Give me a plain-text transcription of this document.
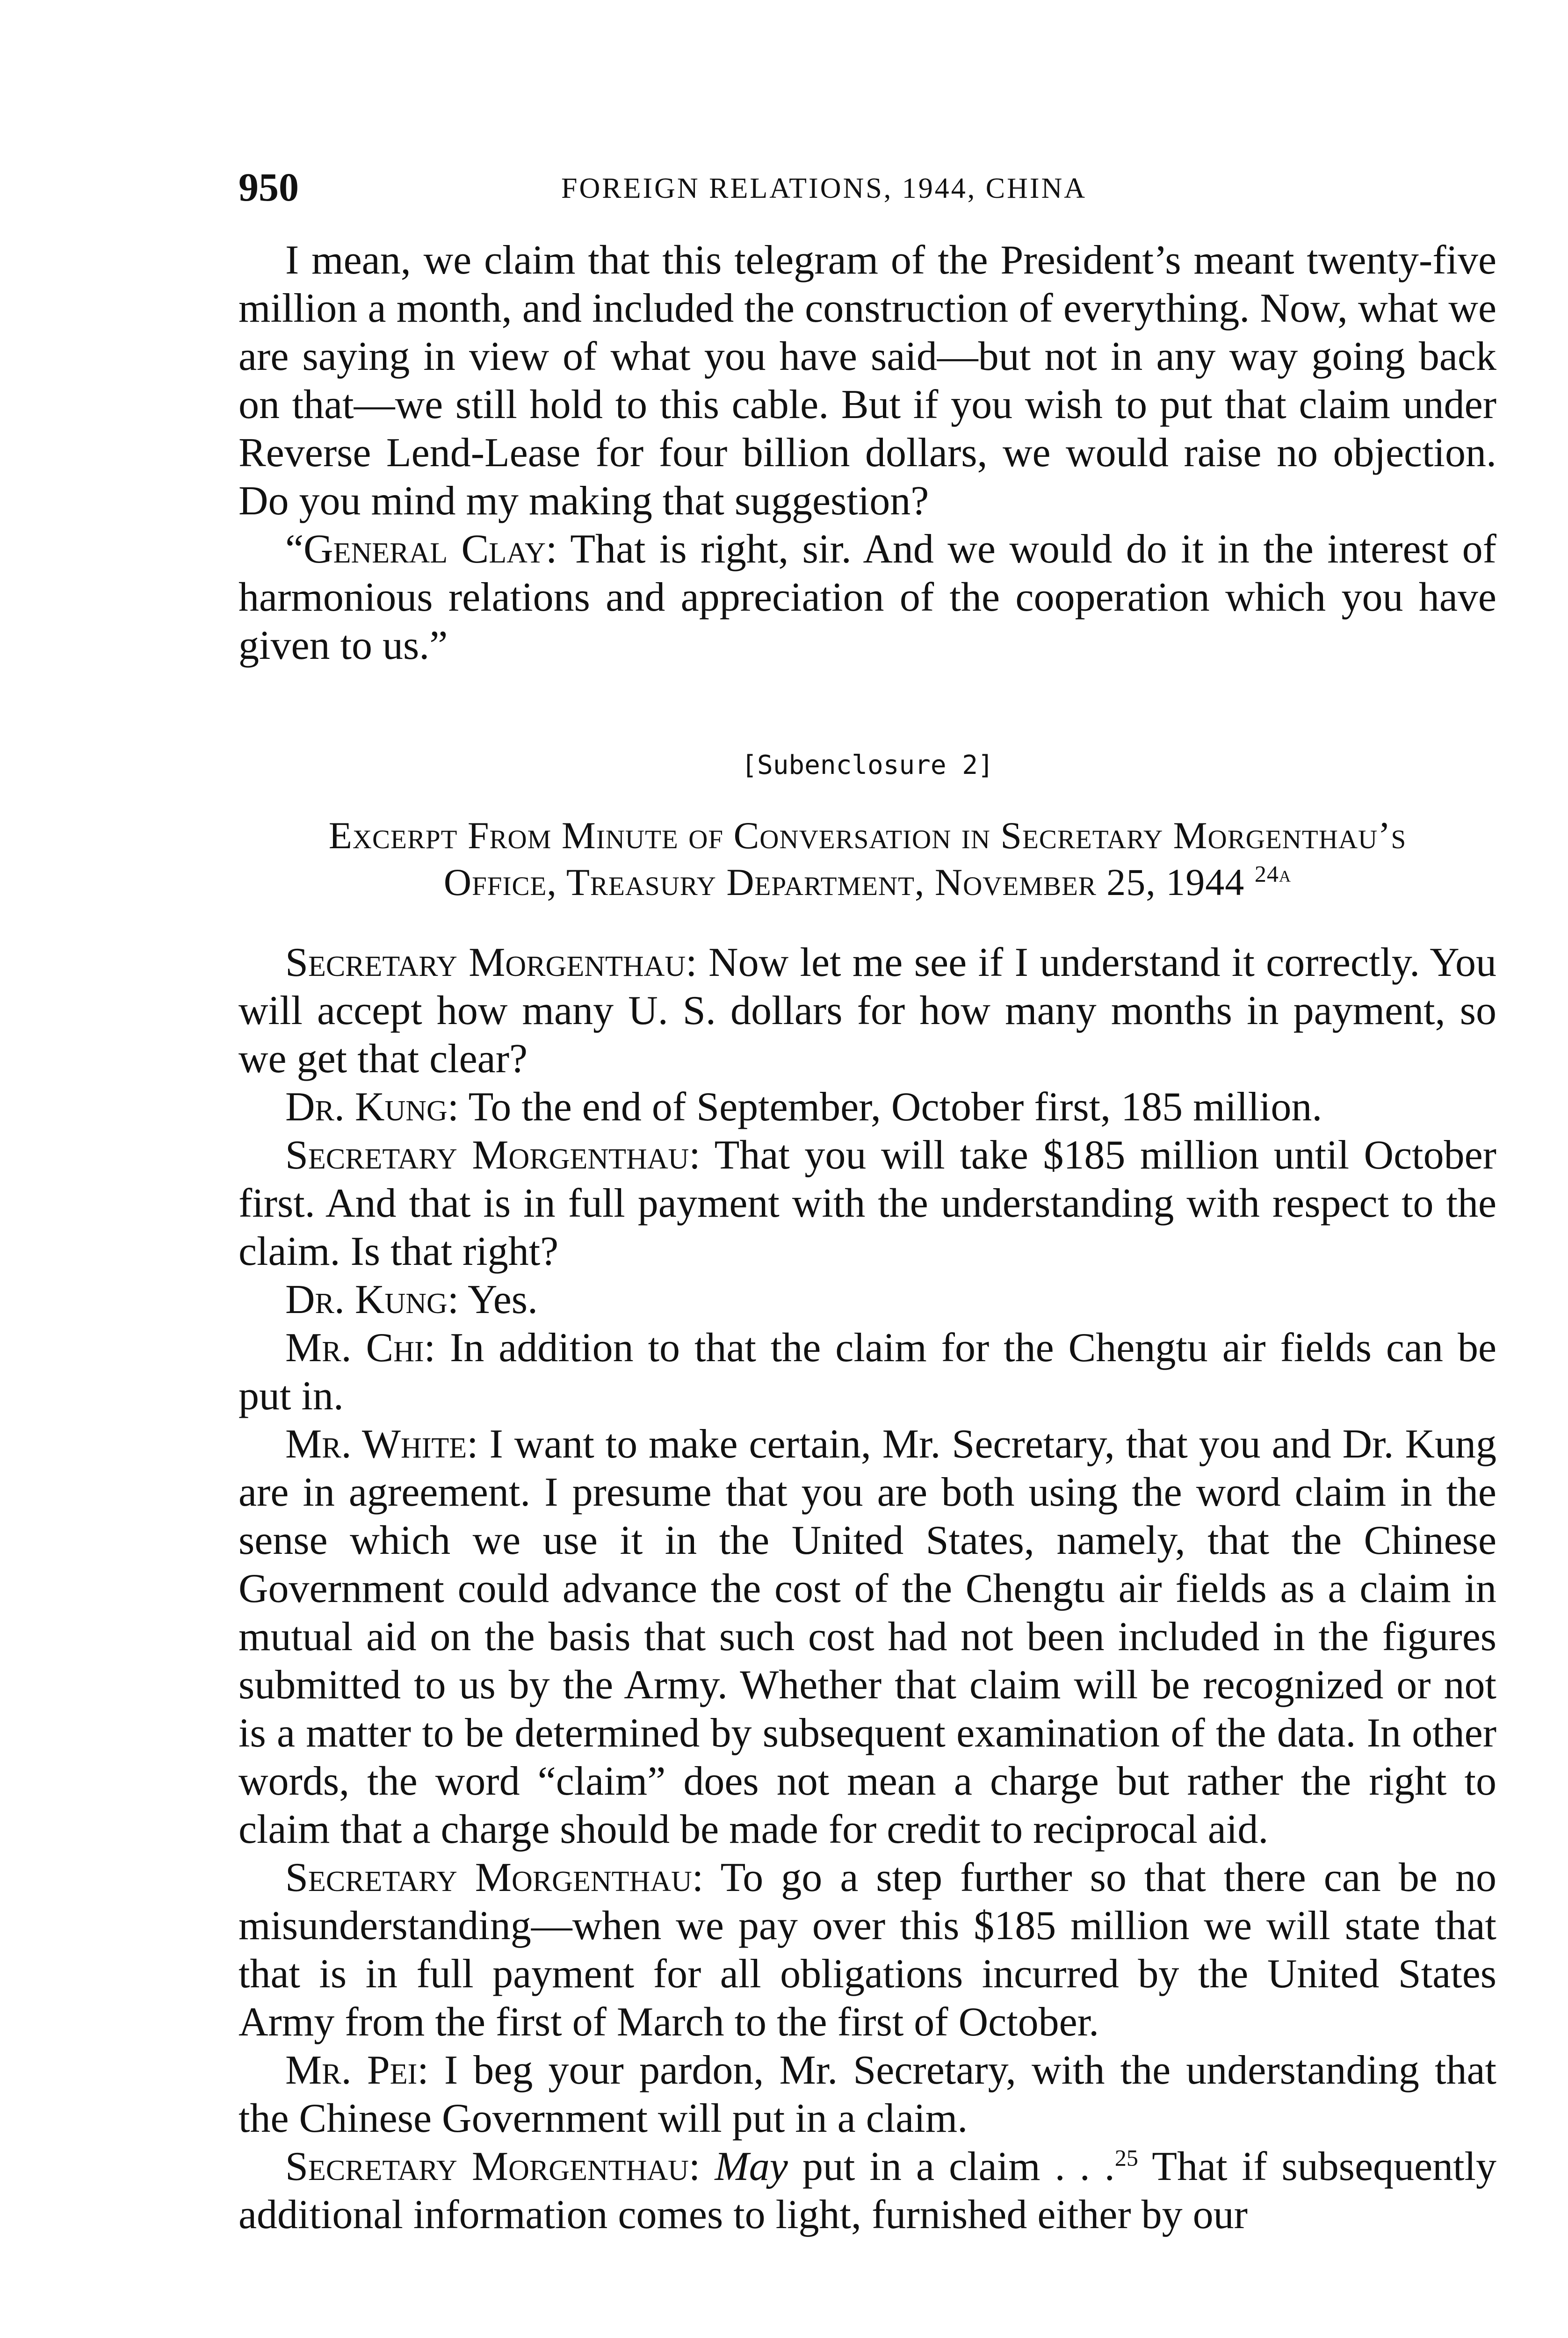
950	FOREIGN RELATIONS, 1944, CHINA

I mean, we claim that this telegram of the President’s meant twenty-five million a month, and included the construction of everything. Now, what we are saying in view of what you have said—but not in any way going back on that—we still hold to this cable. But if you wish to put that claim under Reverse Lend-Lease for four billion dollars, we would raise no objection. Do you mind my making that suggestion?

“General Clay: That is right, sir. And we would do it in the interest of harmonious relations and appreciation of the cooperation which you have given to us.”

[Subenclosure 2]
Excerpt From Minute of Conversation in Secretary Morgenthau’s
Office, Treasury Department, November 25, 1944 $^{24a}$

Secretary Morgenthau: Now let me see if I understand it correctly. You will accept how many U. S. dollars for how many months in payment, so we get that clear?

Dr. Kung: To the end of September, October first, 185 million.

Secretary Morgenthau: That you will take $185 million until October first. And that is in full payment with the understanding with respect to the claim. Is that right?

Dr. Kung: Yes.

Mr. Chi: In addition to that the claim for the Chengtu air fields can be put in.

Mr. White: I want to make certain, Mr. Secretary, that you and Dr. Kung are in agreement. I presume that you are both using the word claim in the sense which we use it in the United States, namely, that the Chinese Government could advance the cost of the Chengtu air fields as a claim in mutual aid on the basis that such cost had not been included in the figures submitted to us by the Army. Whether that claim will be recognized or not is a matter to be determined by subsequent examination of the data. In other words, the word “claim” does not mean a charge but rather the right to claim that a charge should be made for credit to reciprocal aid.

Secretary Morgenthau: To go a step further so that there can be no misunderstanding—when we pay over this $185 million we will state that that is in full payment for all obligations incurred by the United States Army from the first of March to the first of October.

Mr. Pei: I beg your pardon, Mr. Secretary, with the understanding that the Chinese Government will put in a claim.

Secretary Morgenthau: May put in a claim . . .$^{25}$ That if subsequently additional information comes to light, furnished either by our
